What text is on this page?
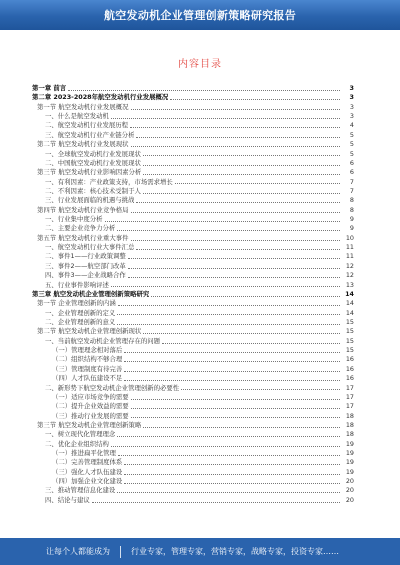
航空发动机企业管理创新策略研究报告
内容目录
第一章 前言	3
第二章 2023-2028年航空发动机行业发展概况	3
第一节 航空发动机行业发展概况	3
一、什么是航空发动机	3
二、航空发动机行业发展历程	4
三、航空发动机行业产业链分析	5
第二节 航空发动机行业发展现状	5
一、全球航空发动机行业发展现状	5
二、中国航空发动机行业发展现状	6
第三节 航空发动机行业影响因素分析	6
一、有利因素：产业政策支持，市场需求增长	7
二、不利因素：核心技术受制于人	7
三、行业发展面临的机遇与挑战	8
第四节 航空发动机行业竞争格局	8
一、行业集中度分析	9
二、主要企业竞争力分析	9
第五节 航空发动机行业重大事件	10
一、航空发动机行业大事件汇总	11
二、事件1——行业政策调整	11
三、事件2——航空部门改革	12
四、事件3——企业战略合作	12
五、行业事件影响评述	13
第三章 航空发动机企业管理创新策略研究	14
第一节 企业管理创新的内涵	14
一、企业管理创新的定义	14
二、企业管理创新的意义	15
第二节 航空发动机企业管理创新现状	15
一、当前航空发动机企业管理存在的问题	15
（一）管理理念相对落后	15
（二）组织结构不够合理	16
（三）管理制度有待完善	16
（四）人才队伍建设不足	16
二、新形势下航空发动机企业管理创新的必要性	17
（一）适应市场竞争的需要	17
（二）提升企业效益的需要	17
（三）推动行业发展的需要	18
第三节 航空发动机企业管理创新策略	18
一、树立现代化管理理念	18
二、优化企业组织结构	19
（一）推进扁平化管理	19
（二）完善管理制度体系	19
（三）强化人才队伍建设	19
（四）加强企业文化建设	20
三、推动管理信息化建设	20
四、结论与建议	20
让每个人都能成为	行业专家，管理专家，营销专家，战略专家，投资专家……
